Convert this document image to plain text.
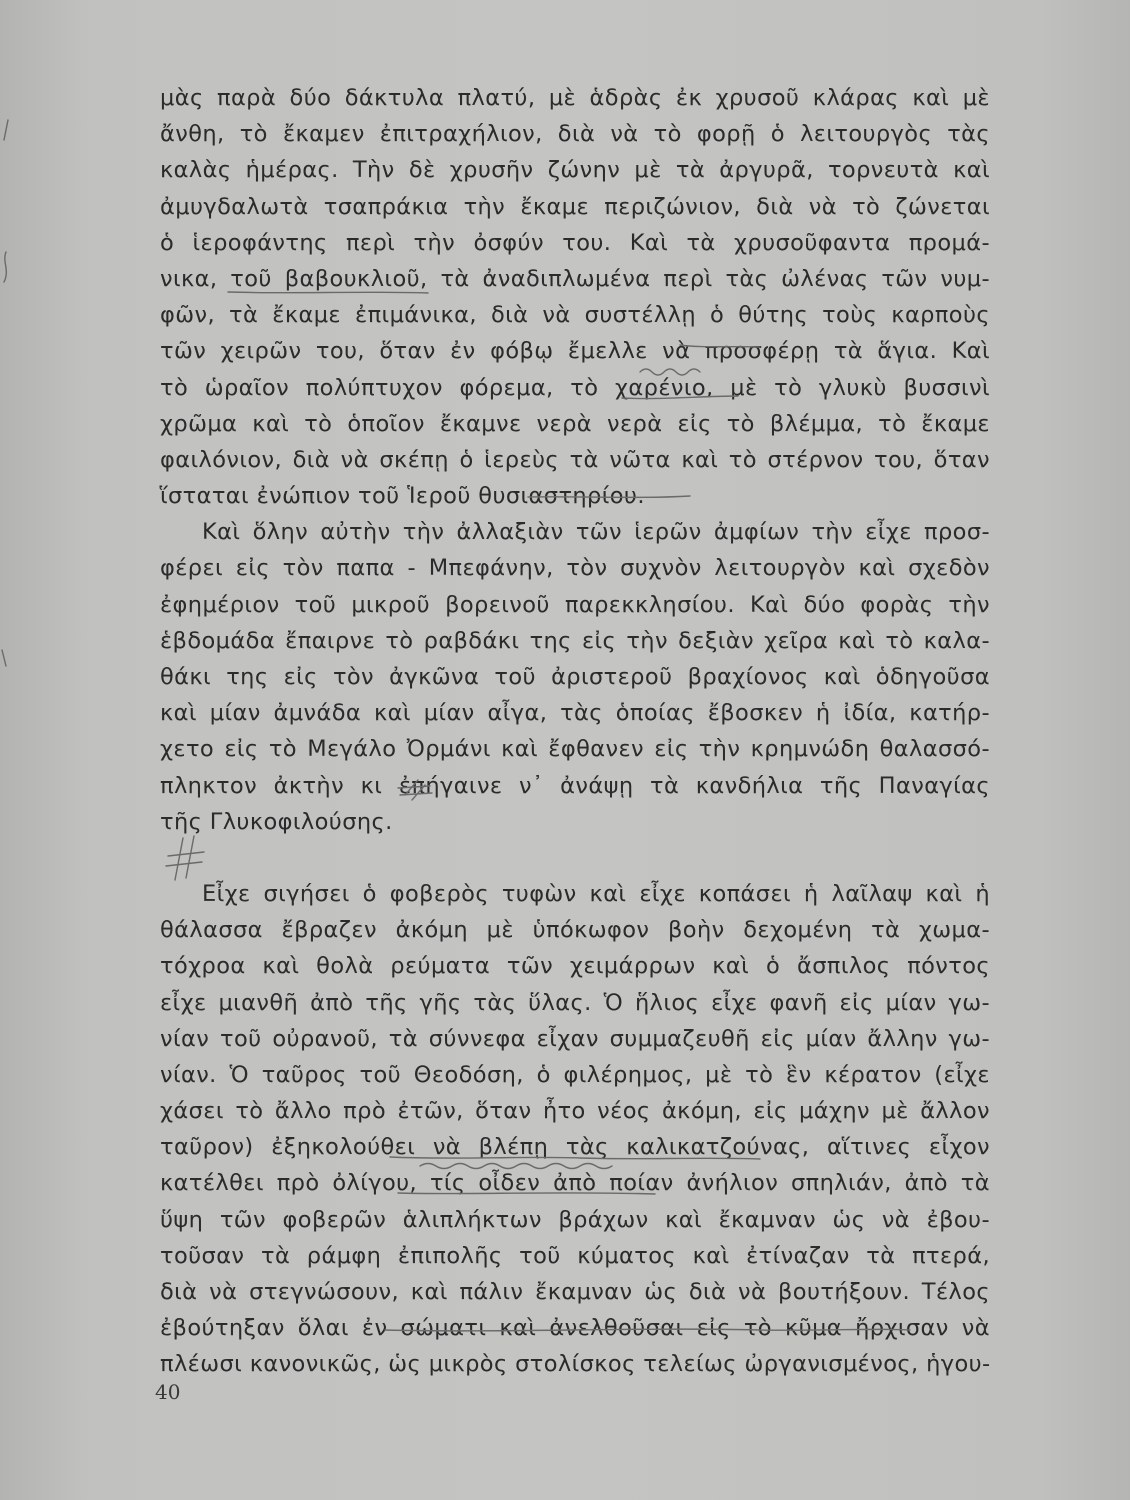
μὰς παρὰ δύο δάκτυλα πλατύ, μὲ ἁδρὰς ἐκ χρυσοῦ κλάρας καὶ μὲ
ἄνθη, τὸ ἔκαμεν ἐπιτραχήλιον, διὰ νὰ τὸ φορῇ ὁ λειτουργὸς τὰς
καλὰς ἡμέρας. Τὴν δὲ χρυσῆν ζώνην μὲ τὰ ἀργυρᾶ, τορνευτὰ καὶ
ἀμυγδαλωτὰ τσαπράκια τὴν ἔκαμε περιζώνιον, διὰ νὰ τὸ ζώνεται
ὁ ἱεροφάντης περὶ τὴν ὀσφύν του. Καὶ τὰ χρυσοῦφαντα προμά-
νικα, τοῦ βαβουκλιοῦ, τὰ ἀναδιπλωμένα περὶ τὰς ὠλένας τῶν νυμ-
φῶν, τὰ ἔκαμε ἐπιμάνικα, διὰ νὰ συστέλλῃ ὁ θύτης τοὺς καρποὺς
τῶν χειρῶν του, ὅταν ἐν φόβῳ ἔμελλε νὰ προσφέρῃ τὰ ἅγια. Καὶ
τὸ ὡραῖον πολύπτυχον φόρεμα, τὸ χαρένιο, μὲ τὸ γλυκὺ βυσσινὶ
χρῶμα καὶ τὸ ὁποῖον ἔκαμνε νερὰ νερὰ εἰς τὸ βλέμμα, τὸ ἔκαμε
φαιλόνιον, διὰ νὰ σκέπῃ ὁ ἱερεὺς τὰ νῶτα καὶ τὸ στέρνον του, ὅταν
ἵσταται ἐνώπιον τοῦ Ἱεροῦ θυσιαστηρίου.
Καὶ ὅλην αὐτὴν τὴν ἀλλαξιὰν τῶν ἱερῶν ἀμφίων τὴν εἶχε προσ-
φέρει εἰς τὸν παπα - Μπεφάνην, τὸν συχνὸν λειτουργὸν καὶ σχεδὸν
ἐφημέριον τοῦ μικροῦ βορεινοῦ παρεκκλησίου. Καὶ δύο φορὰς τὴν
ἑβδομάδα ἔπαιρνε τὸ ραβδάκι της εἰς τὴν δεξιὰν χεῖρα καὶ τὸ καλα-
θάκι της εἰς τὸν ἀγκῶνα τοῦ ἀριστεροῦ βραχίονος καὶ ὁδηγοῦσα
καὶ μίαν ἀμνάδα καὶ μίαν αἶγα, τὰς ὁποίας ἔβοσκεν ἡ ἰδία, κατήρ-
χετο εἰς τὸ Μεγάλο Ὀρμάνι καὶ ἔφθανεν εἰς τὴν κρημνώδη θαλασσό-
πληκτον ἀκτὴν κι ἐπήγαινε ν᾽ ἀνάψῃ τὰ κανδήλια τῆς Παναγίας
τῆς Γλυκοφιλούσης.
Εἶχε σιγήσει ὁ φοβερὸς τυφὼν καὶ εἶχε κοπάσει ἡ λαῖλαψ καὶ ἡ
θάλασσα ἔβραζεν ἀκόμη μὲ ὑπόκωφον βοὴν δεχομένη τὰ χωμα-
τόχροα καὶ θολὰ ρεύματα τῶν χειμάρρων καὶ ὁ ἄσπιλος πόντος
εἶχε μιανθῆ ἀπὸ τῆς γῆς τὰς ὕλας. Ὁ ἥλιος εἶχε φανῆ εἰς μίαν γω-
νίαν τοῦ οὐρανοῦ, τὰ σύννεφα εἶχαν συμμαζευθῆ εἰς μίαν ἄλλην γω-
νίαν. Ὁ ταῦρος τοῦ Θεοδόση, ὁ φιλέρημος, μὲ τὸ ἓν κέρατον (εἶχε
χάσει τὸ ἄλλο πρὸ ἐτῶν, ὅταν ἦτο νέος ἀκόμη, εἰς μάχην μὲ ἄλλον
ταῦρον) ἐξηκολούθει νὰ βλέπῃ τὰς καλικατζούνας, αἵτινες εἶχον
κατέλθει πρὸ ὀλίγου, τίς οἶδεν ἀπὸ ποίαν ἀνήλιον σπηλιάν, ἀπὸ τὰ
ὕψη τῶν φοβερῶν ἁλιπλήκτων βράχων καὶ ἔκαμναν ὡς νὰ ἐβου-
τοῦσαν τὰ ράμφη ἐπιπολῆς τοῦ κύματος καὶ ἐτίναζαν τὰ πτερά,
διὰ νὰ στεγνώσουν, καὶ πάλιν ἔκαμναν ὡς διὰ νὰ βουτήξουν. Τέλος
ἐβούτηξαν ὅλαι ἐν σώματι καὶ ἀνελθοῦσαι εἰς τὸ κῦμα ἤρχισαν νὰ
πλέωσι κανονικῶς, ὡς μικρὸς στολίσκος τελείως ὠργανισμένος, ἡγου-
40
